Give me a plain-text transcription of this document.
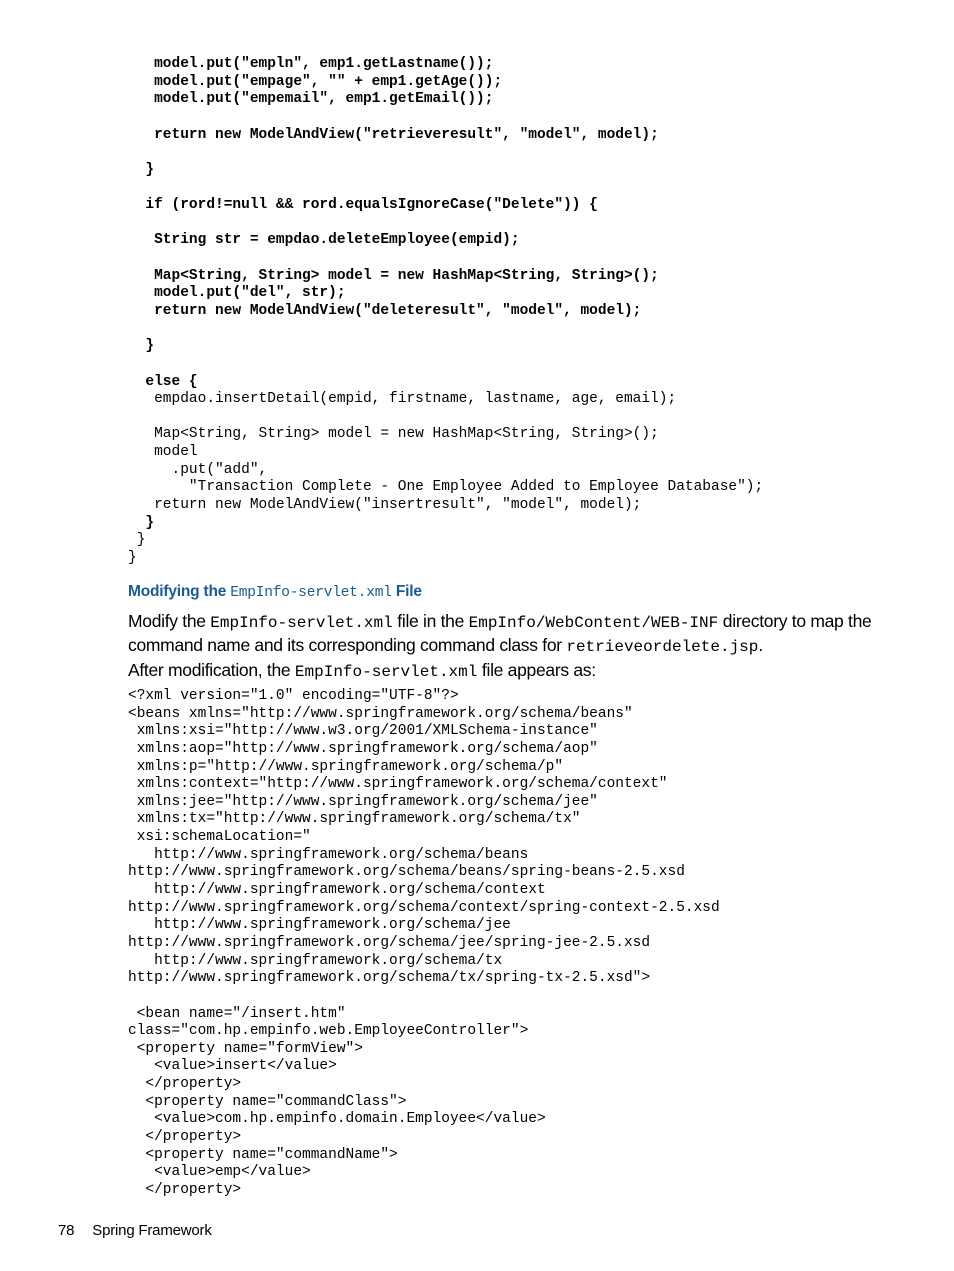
model.put("empln", emp1.getLastname());
model.put("empage", "" + emp1.getAge());
model.put("empemail", emp1.getEmail());
return new ModelAndView("retrieveresult", "model", model);
}
if (rord!=null && rord.equalsIgnoreCase("Delete")) {
String str = empdao.deleteEmployee(empid);
Map<String, String> model = new HashMap<String, String>();
model.put("del", str);
return new ModelAndView("deleteresult", "model", model);
}
else {
empdao.insertDetail(empid, firstname, lastname, age, email);
Map<String, String> model = new HashMap<String, String>();
model
.put("add",
"Transaction Complete - One Employee Added to Employee Database");
return new ModelAndView("insertresult", "model", model);
}
}
}
Modifying the EmpInfo-servlet.xml File
Modify the EmpInfo-servlet.xml file in the EmpInfo/WebContent/WEB-INF directory to map the command name and its corresponding command class for retrieveordelete.jsp.
After modification, the EmpInfo-servlet.xml file appears as:
<?xml version="1.0" encoding="UTF-8"?>
<beans xmlns="http://www.springframework.org/schema/beans"
xmlns:xsi="http://www.w3.org/2001/XMLSchema-instance"
xmlns:aop="http://www.springframework.org/schema/aop"
xmlns:p="http://www.springframework.org/schema/p"
xmlns:context="http://www.springframework.org/schema/context"
xmlns:jee="http://www.springframework.org/schema/jee"
xmlns:tx="http://www.springframework.org/schema/tx"
xsi:schemaLocation="
http://www.springframework.org/schema/beans
http://www.springframework.org/schema/beans/spring-beans-2.5.xsd
http://www.springframework.org/schema/context
http://www.springframework.org/schema/context/spring-context-2.5.xsd
http://www.springframework.org/schema/jee
http://www.springframework.org/schema/jee/spring-jee-2.5.xsd
http://www.springframework.org/schema/tx
http://www.springframework.org/schema/tx/spring-tx-2.5.xsd">
<bean name="/insert.htm"
class="com.hp.empinfo.web.EmployeeController">
<property name="formView">
<value>insert</value>
</property>
<property name="commandClass">
<value>com.hp.empinfo.domain.Employee</value>
</property>
<property name="commandName">
<value>emp</value>
</property>
78 Spring Framework
